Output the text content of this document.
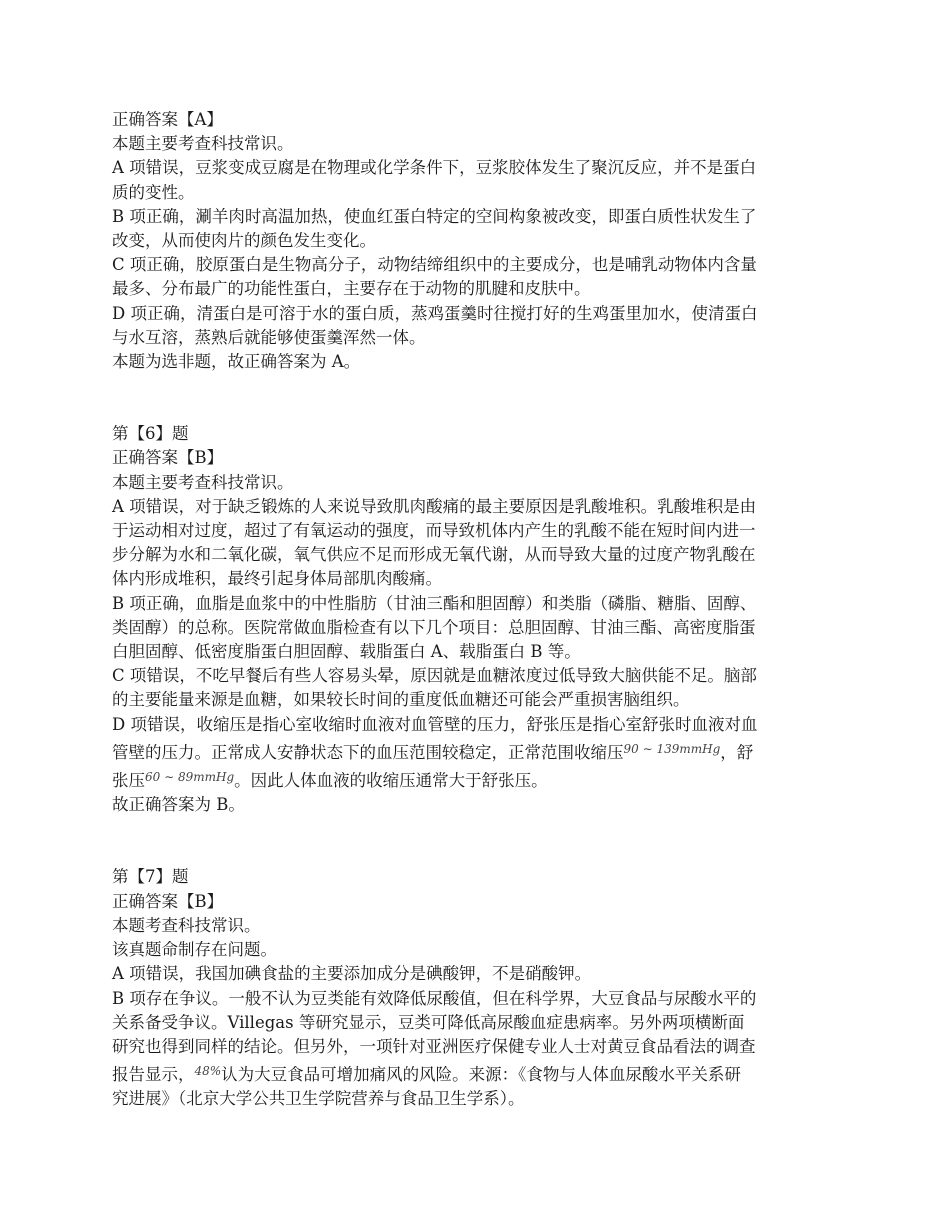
正确答案【A】

本题主要考查科技常识。

A 项错误，豆浆变成豆腐是在物理或化学条件下，豆浆胶体发生了聚沉反应，并不是蛋白

质的变性。

B 项正确，涮羊肉时高温加热，使血红蛋白特定的空间构象被改变，即蛋白质性状发生了

改变，从而使肉片的颜色发生变化。

C 项正确，胶原蛋白是生物高分子，动物结缔组织中的主要成分，也是哺乳动物体内含量

最多、分布最广的功能性蛋白，主要存在于动物的肌腱和皮肤中。

D 项正确，清蛋白是可溶于水的蛋白质，蒸鸡蛋羹时往搅打好的生鸡蛋里加水，使清蛋白

与水互溶，蒸熟后就能够使蛋羹浑然一体。

本题为选非题，故正确答案为 A。

第【6】题

正确答案【B】

本题主要考查科技常识。

A 项错误，对于缺乏锻炼的人来说导致肌肉酸痛的最主要原因是乳酸堆积。乳酸堆积是由

于运动相对过度，超过了有氧运动的强度，而导致机体内产生的乳酸不能在短时间内进一

步分解为水和二氧化碳，氧气供应不足而形成无氧代谢，从而导致大量的过度产物乳酸在

体内形成堆积，最终引起身体局部肌肉酸痛。

B 项正确，血脂是血浆中的中性脂肪（甘油三酯和胆固醇）和类脂（磷脂、糖脂、固醇、

类固醇）的总称。医院常做血脂检查有以下几个项目：总胆固醇、甘油三酯、高密度脂蛋

白胆固醇、低密度脂蛋白胆固醇、载脂蛋白 A、载脂蛋白 B 等。

C 项错误，不吃早餐后有些人容易头晕，原因就是血糖浓度过低导致大脑供能不足。脑部

的主要能量来源是血糖，如果较长时间的重度低血糖还可能会严重损害脑组织。

D 项错误，收缩压是指心室收缩时血液对血管壁的压力，舒张压是指心室舒张时血液对血

管壁的压力。正常成人安静状态下的血压范围较稳定，正常范围收缩压$^{90 \sim 139mmHg}$，舒

张压$^{60 \sim 89mmHg}$。因此人体血液的收缩压通常大于舒张压。

故正确答案为 B。

第【7】题

正确答案【B】

本题考查科技常识。

该真题命制存在问题。

A 项错误，我国加碘食盐的主要添加成分是碘酸钾，不是硝酸钾。

B 项存在争议。一般不认为豆类能有效降低尿酸值，但在科学界，大豆食品与尿酸水平的

关系备受争议。Villegas 等研究显示，豆类可降低高尿酸血症患病率。另外两项横断面

研究也得到同样的结论。但另外，一项针对亚洲医疗保健专业人士对黄豆食品看法的调查

报告显示，$^{48\%}$认为大豆食品可增加痛风的风险。来源：《食物与人体血尿酸水平关系研

究进展》（北京大学公共卫生学院营养与食品卫生学系）。
